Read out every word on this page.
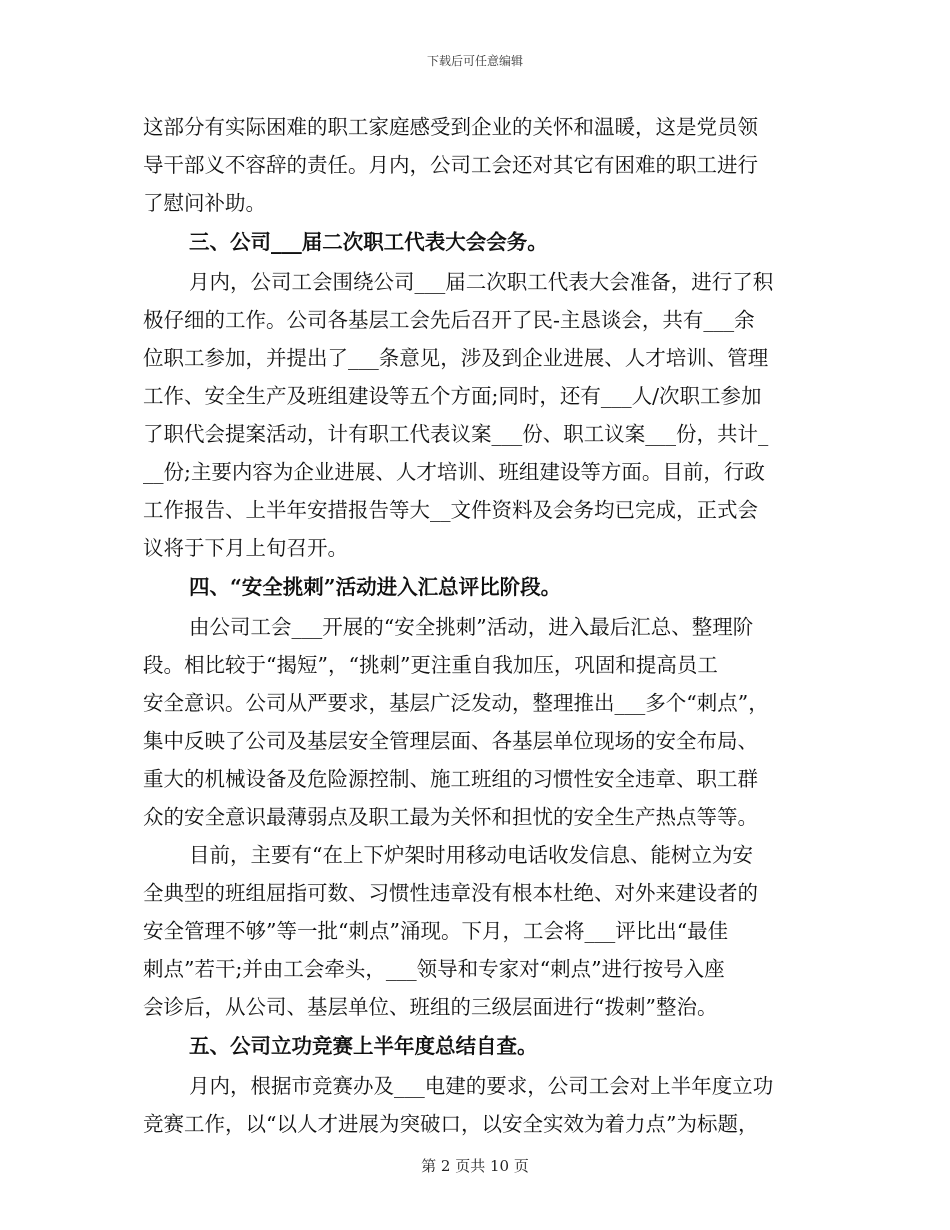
下载后可任意编辑
这部分有实际困难的职工家庭感受到企业的关怀和温暖，这是党员领
导干部义不容辞的责任。月内，公司工会还对其它有困难的职工进行
了慰问补助。
三、公司___届二次职工代表大会会务。
月内，公司工会围绕公司___届二次职工代表大会准备，进行了积
极仔细的工作。公司各基层工会先后召开了民-主恳谈会，共有___余
位职工参加，并提出了___条意见，涉及到企业进展、人才培训、管理
工作、安全生产及班组建设等五个方面;同时，还有___人/次职工参加
了职代会提案活动，计有职工代表议案___份、职工议案___份，共计_
__份;主要内容为企业进展、人才培训、班组建设等方面。目前，行政
工作报告、上半年安措报告等大__文件资料及会务均已完成，正式会
议将于下月上旬召开。
四、“安全挑刺”活动进入汇总评比阶段。
由公司工会___开展的“安全挑刺”活动，进入最后汇总、整理阶
段。相比较于“揭短”，“挑刺”更注重自我加压，巩固和提高员工
安全意识。公司从严要求，基层广泛发动，整理推出___多个“刺点”，
集中反映了公司及基层安全管理层面、各基层单位现场的安全布局、
重大的机械设备及危险源控制、施工班组的习惯性安全违章、职工群
众的安全意识最薄弱点及职工最为关怀和担忧的安全生产热点等等。
目前，主要有“在上下炉架时用移动电话收发信息、能树立为安
全典型的班组屈指可数、习惯性违章没有根本杜绝、对外来建设者的
安全管理不够”等一批“刺点”涌现。下月，工会将___评比出“最佳
刺点”若干;并由工会牵头，___领导和专家对“刺点”进行按号入座
会诊后，从公司、基层单位、班组的三级层面进行“拨刺”整治。
五、公司立功竞赛上半年度总结自查。
月内，根据市竞赛办及___电建的要求，公司工会对上半年度立功
竞赛工作，以“以人才进展为突破口，以安全实效为着力点”为标题，
第 2 页共 10 页
